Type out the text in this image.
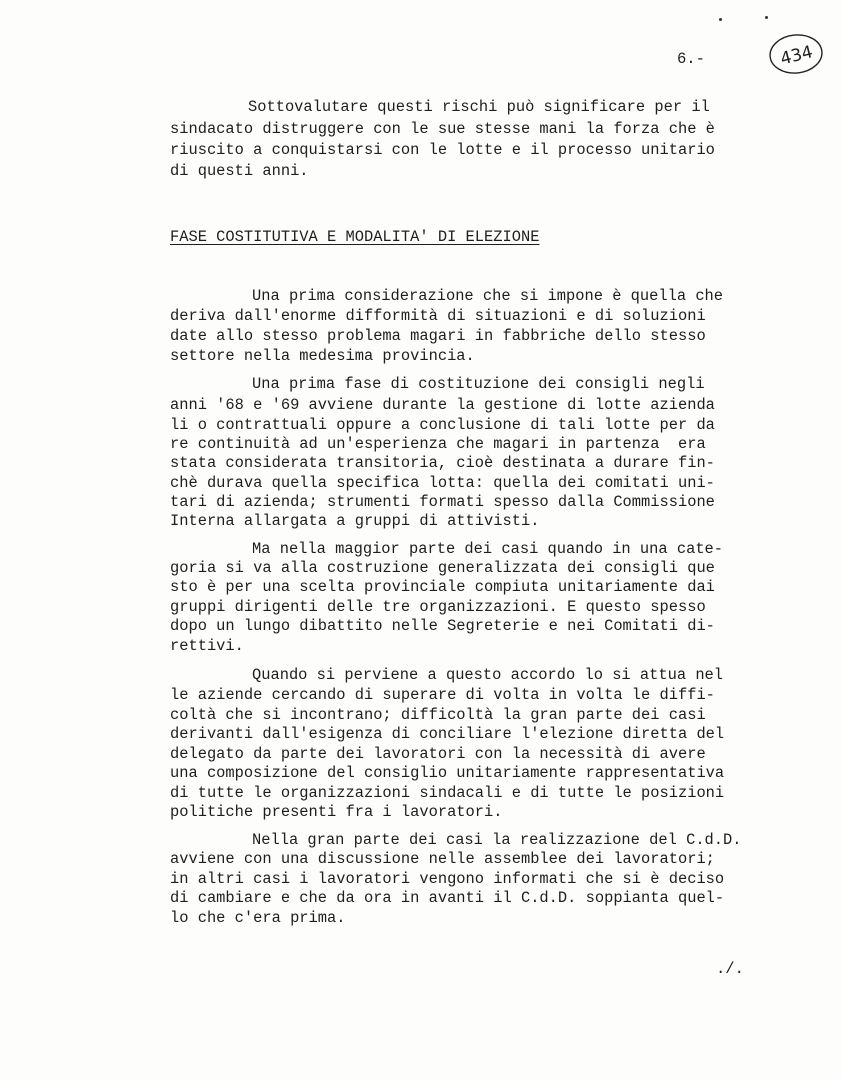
6.-	434
Sottovalutare questi rischi può significare per il
sindacato distruggere con le sue stesse mani la forza che è
riuscito a conquistarsi con le lotte e il processo unitario
di questi anni.
FASE COSTITUTIVA E MODALITA' DI ELEZIONE
Una prima considerazione che si impone è quella che
deriva dall'enorme difformità di situazioni e di soluzioni
date allo stesso problema magari in fabbriche dello stesso
settore nella medesima provincia.
Una prima fase di costituzione dei consigli negli
anni '68 e '69 avviene durante la gestione di lotte azienda
li o contrattuali oppure a conclusione di tali lotte per da
re continuità ad un'esperienza che magari in partenza  era
stata considerata transitoria, cioè destinata a durare fin-
chè durava quella specifica lotta: quella dei comitati uni-
tari di azienda; strumenti formati spesso dalla Commissione
Interna allargata a gruppi di attivisti.
Ma nella maggior parte dei casi quando in una cate-
goria si va alla costruzione generalizzata dei consigli que
sto è per una scelta provinciale compiuta unitariamente dai
gruppi dirigenti delle tre organizzazioni. E questo spesso
dopo un lungo dibattito nelle Segreterie e nei Comitati di-
rettivi.
Quando si perviene a questo accordo lo si attua nel
le aziende cercando di superare di volta in volta le diffi-
coltà che si incontrano; difficoltà la gran parte dei casi
derivanti dall'esigenza di conciliare l'elezione diretta del
delegato da parte dei lavoratori con la necessità di avere
una composizione del consiglio unitariamente rappresentativa
di tutte le organizzazioni sindacali e di tutte le posizioni
politiche presenti fra i lavoratori.
Nella gran parte dei casi la realizzazione del C.d.D.
avviene con una discussione nelle assemblee dei lavoratori;
in altri casi i lavoratori vengono informati che si è deciso
di cambiare e che da ora in avanti il C.d.D. soppianta quel-
lo che c'era prima.
./.
